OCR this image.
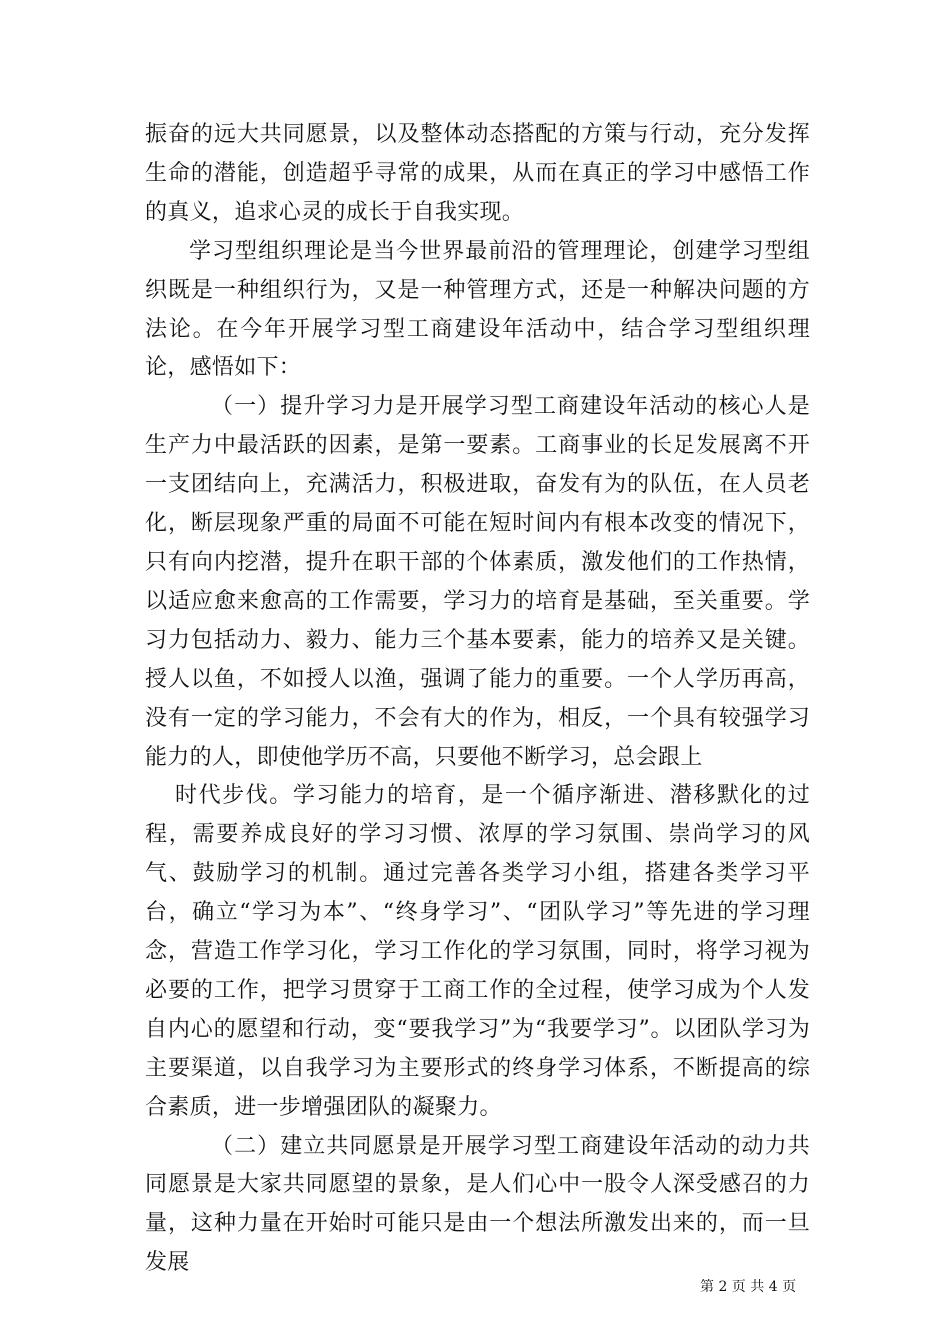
振奋的远大共同愿景，以及整体动态搭配的方策与行动，充分发挥生命的潜能，创造超乎寻常的成果，从而在真正的学习中感悟工作的真义，追求心灵的成长于自我实现。

学习型组织理论是当今世界最前沿的管理理论，创建学习型组织既是一种组织行为，又是一种管理方式，还是一种解决问题的方法论。在今年开展学习型工商建设年活动中，结合学习型组织理论，感悟如下：

（一）提升学习力是开展学习型工商建设年活动的核心人是生产力中最活跃的因素，是第一要素。工商事业的长足发展离不开一支团结向上，充满活力，积极进取，奋发有为的队伍，在人员老化，断层现象严重的局面不可能在短时间内有根本改变的情况下，只有向内挖潜，提升在职干部的个体素质，激发他们的工作热情，以适应愈来愈高的工作需要，学习力的培育是基础，至关重要。学习力包括动力、毅力、能力三个基本要素，能力的培养又是关键。授人以鱼，不如授人以渔，强调了能力的重要。一个人学历再高，没有一定的学习能力，不会有大的作为，相反，一个具有较强学习能力的人，即使他学历不高，只要他不断学习，总会跟上

时代步伐。学习能力的培育，是一个循序渐进、潜移默化的过程，需要养成良好的学习习惯、浓厚的学习氛围、崇尚学习的风气、鼓励学习的机制。通过完善各类学习小组，搭建各类学习平台，确立“学习为本”、“终身学习”、“团队学习”等先进的学习理念，营造工作学习化，学习工作化的学习氛围，同时，将学习视为必要的工作，把学习贯穿于工商工作的全过程，使学习成为个人发自内心的愿望和行动，变“要我学习”为“我要学习”。以团队学习为主要渠道，以自我学习为主要形式的终身学习体系，不断提高的综合素质，进一步增强团队的凝聚力。

（二）建立共同愿景是开展学习型工商建设年活动的动力共同愿景是大家共同愿望的景象，是人们心中一股令人深受感召的力量，这种力量在开始时可能只是由一个想法所激发出来的，而一旦发展

第 2 页 共 4 页
